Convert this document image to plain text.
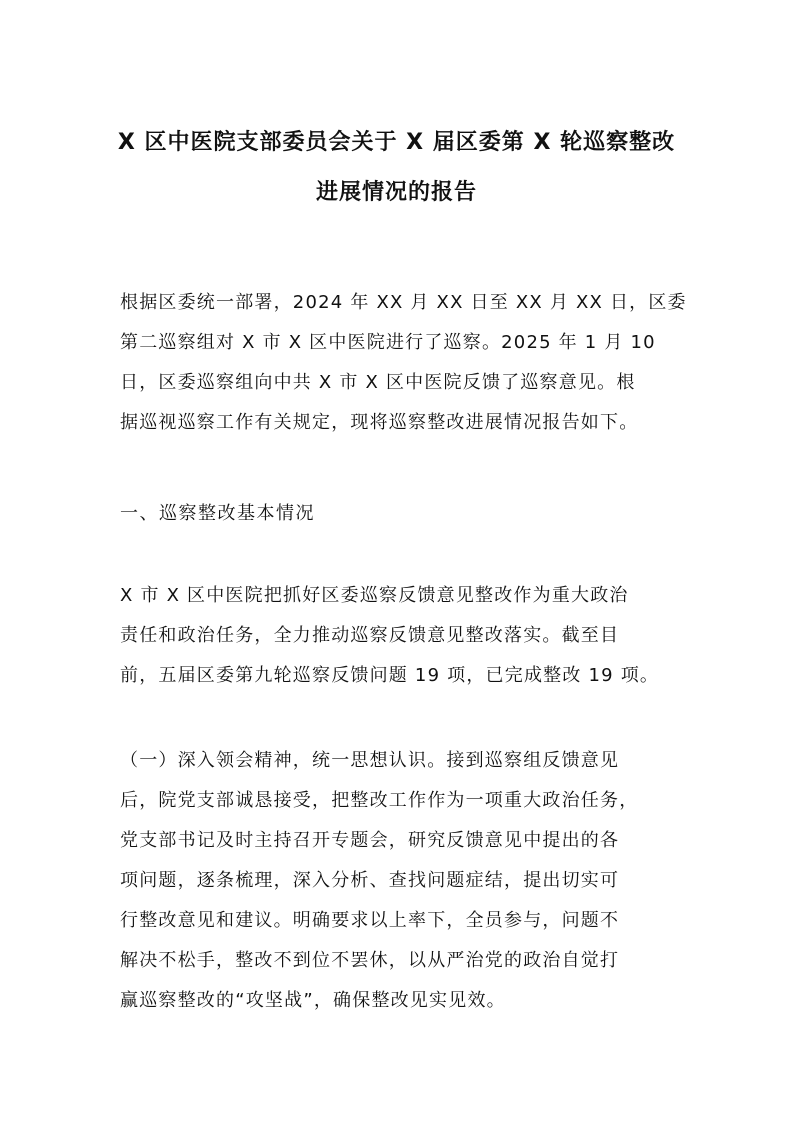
X 区中医院支部委员会关于 X 届区委第 X 轮巡察整改
进展情况的报告

根据区委统一部署，2024 年 XX 月 XX 日至 XX 月 XX 日，区委
第二巡察组对 X 市 X 区中医院进行了巡察。2025 年 1 月 10
日，区委巡察组向中共 X 市 X 区中医院反馈了巡察意见。根
据巡视巡察工作有关规定，现将巡察整改进展情况报告如下。

一、巡察整改基本情况

X 市 X 区中医院把抓好区委巡察反馈意见整改作为重大政治
责任和政治任务，全力推动巡察反馈意见整改落实。截至目
前，五届区委第九轮巡察反馈问题 19 项，已完成整改 19 项。

（一）深入领会精神，统一思想认识。接到巡察组反馈意见
后，院党支部诚恳接受，把整改工作作为一项重大政治任务，
党支部书记及时主持召开专题会，研究反馈意见中提出的各
项问题，逐条梳理，深入分析、查找问题症结，提出切实可
行整改意见和建议。明确要求以上率下，全员参与，问题不
解决不松手，整改不到位不罢休，以从严治党的政治自觉打
赢巡察整改的“攻坚战”，确保整改见实见效。
